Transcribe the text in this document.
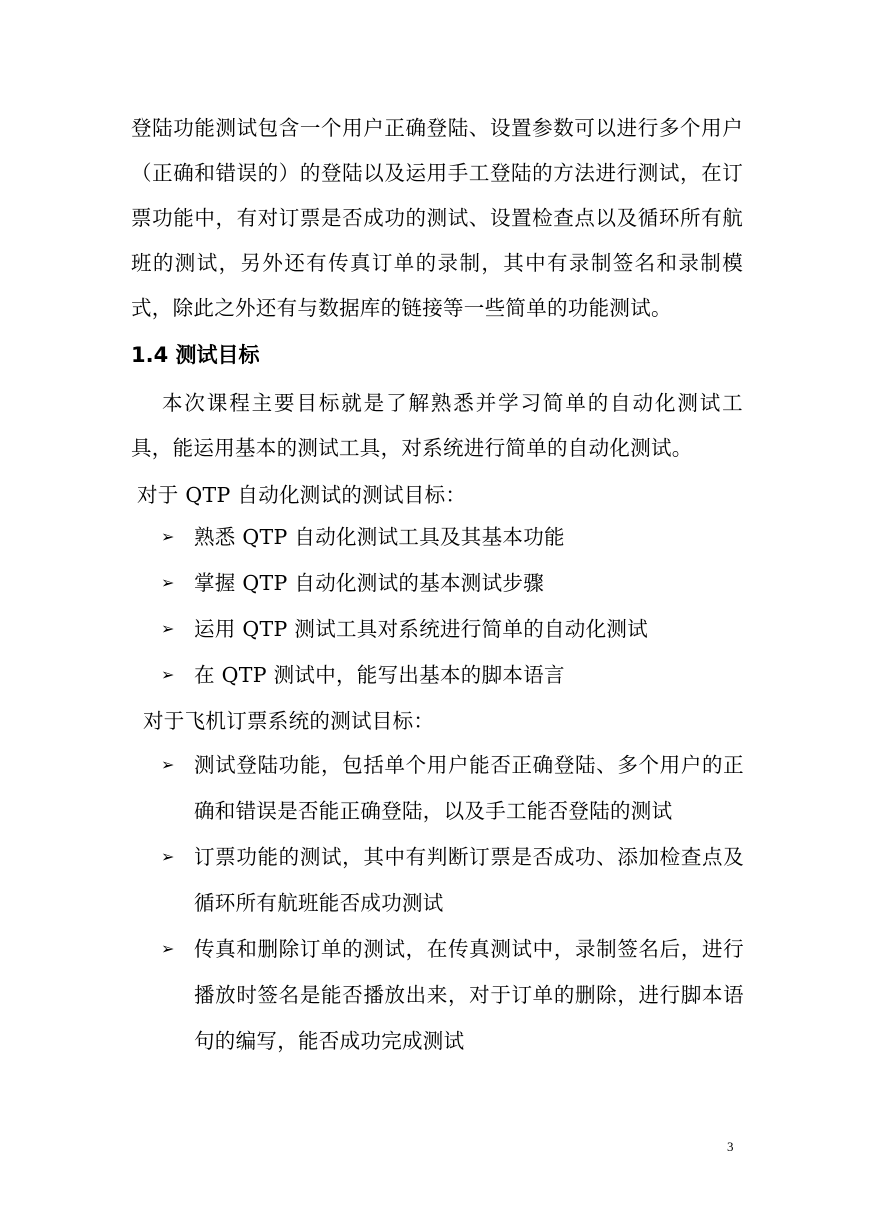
登陆功能测试包含一个用户正确登陆、设置参数可以进行多个用户（正确和错误的）的登陆以及运用手工登陆的方法进行测试，在订票功能中，有对订票是否成功的测试、设置检查点以及循环所有航班的测试，另外还有传真订单的录制，其中有录制签名和录制模式，除此之外还有与数据库的链接等一些简单的功能测试。
1.4 测试目标
本次课程主要目标就是了解熟悉并学习简单的自动化测试工具，能运用基本的测试工具，对系统进行简单的自动化测试。
对于 QTP 自动化测试的测试目标：
➢ 熟悉 QTP 自动化测试工具及其基本功能
➢ 掌握 QTP 自动化测试的基本测试步骤
➢ 运用 QTP 测试工具对系统进行简单的自动化测试
➢ 在 QTP 测试中，能写出基本的脚本语言
对于飞机订票系统的测试目标：
➢ 测试登陆功能，包括单个用户能否正确登陆、多个用户的正确和错误是否能正确登陆，以及手工能否登陆的测试
➢ 订票功能的测试，其中有判断订票是否成功、添加检查点及循环所有航班能否成功测试
➢ 传真和删除订单的测试，在传真测试中，录制签名后，进行播放时签名是能否播放出来，对于订单的删除，进行脚本语句的编写，能否成功完成测试
3
